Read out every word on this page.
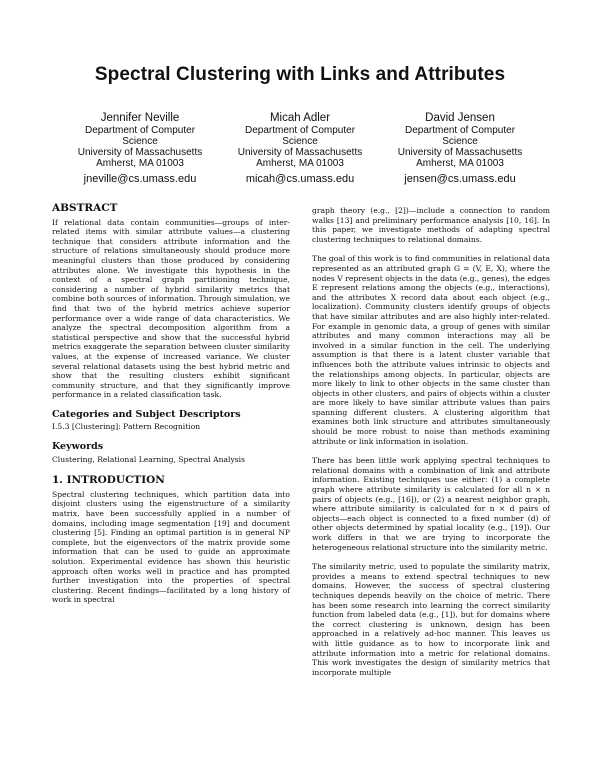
Spectral Clustering with Links and Attributes
Jennifer Neville
Department of Computer
Science
University of Massachusetts
Amherst, MA 01003
jneville@cs.umass.edu
Micah Adler
Department of Computer
Science
University of Massachusetts
Amherst, MA 01003
micah@cs.umass.edu
David Jensen
Department of Computer
Science
University of Massachusetts
Amherst, MA 01003
jensen@cs.umass.edu
ABSTRACT

If relational data contain communities—groups of inter-related items with similar attribute values—a clustering technique that considers attribute information and the structure of relations simultaneously should produce more meaningful clusters than those produced by considering attributes alone. We investigate this hypothesis in the context of a spectral graph partitioning technique, considering a number of hybrid similarity metrics that combine both sources of information. Through simulation, we find that two of the hybrid metrics achieve superior performance over a wide range of data characteristics. We analyze the spectral decomposition algorithm from a statistical perspective and show that the successful hybrid metrics exaggerate the separation between cluster similarity values, at the expense of increased variance. We cluster several relational datasets using the best hybrid metric and show that the resulting clusters exhibit significant community structure, and that they significantly improve performance in a related classification task.

Categories and Subject Descriptors

I.5.3 [Clustering]: Pattern Recognition

Keywords

Clustering, Relational Learning, Spectral Analysis

1. INTRODUCTION

Spectral clustering techniques, which partition data into disjoint clusters using the eigenstructure of a similarity matrix, have been successfully applied in a number of domains, including image segmentation [19] and document clustering [5]. Finding an optimal partition is in general NP complete, but the eigenvectors of the matrix provide some information that can be used to guide an approximate solution. Experimental evidence has shown this heuristic approach often works well in practice and has prompted further investigation into the properties of spectral clustering. Recent findings—facilitated by a long history of work in spectral

graph theory (e.g., [2])—include a connection to random walks [13] and preliminary performance analysis [10, 16]. In this paper, we investigate methods of adapting spectral clustering techniques to relational domains.

The goal of this work is to find communities in relational data represented as an attributed graph G = (V, E, X), where the nodes V represent objects in the data (e.g., genes), the edges E represent relations among the objects (e.g., interactions), and the attributes X record data about each object (e.g., localization). Community clusters identify groups of objects that have similar attributes and are also highly inter-related. For example in genomic data, a group of genes with similar attributes and many common interactions may all be involved in a similar function in the cell. The underlying assumption is that there is a latent cluster variable that influences both the attribute values intrinsic to objects and the relationships among objects. In particular, objects are more likely to link to other objects in the same cluster than objects in other clusters, and pairs of objects within a cluster are more likely to have similar attribute values than pairs spanning different clusters. A clustering algorithm that examines both link structure and attributes simultaneously should be more robust to noise than methods examining attribute or link information in isolation.

There has been little work applying spectral techniques to relational domains with a combination of link and attribute information. Existing techniques use either: (1) a complete graph where attribute similarity is calculated for all n × n pairs of objects (e.g., [16]), or (2) a nearest neighbor graph, where attribute similarity is calculated for n × d pairs of objects—each object is connected to a fixed number (d) of other objects determined by spatial locality (e.g., [19]). Our work differs in that we are trying to incorporate the heterogeneous relational structure into the similarity metric.

The similarity metric, used to populate the similarity matrix, provides a means to extend spectral techniques to new domains. However, the success of spectral clustering techniques depends heavily on the choice of metric. There has been some research into learning the correct similarity function from labeled data (e.g., [1]), but for domains where the correct clustering is unknown, design has been approached in a relatively ad-hoc manner. This leaves us with little guidance as to how to incorporate link and attribute information into a metric for relational domains. This work investigates the design of similarity metrics that incorporate multiple
